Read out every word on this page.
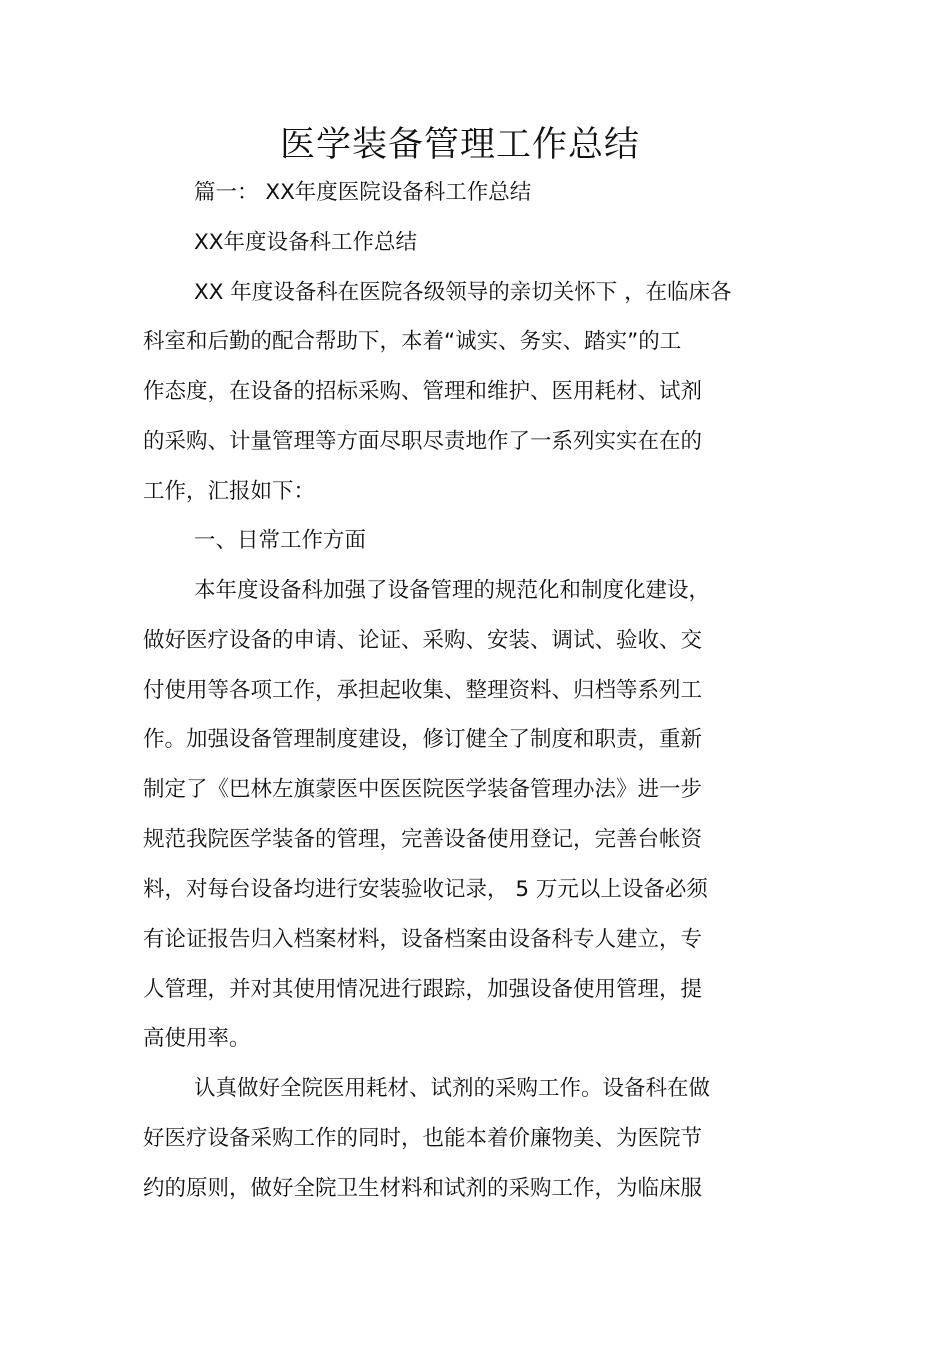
医学装备管理工作总结
篇一： XX年度医院设备科工作总结
XX年度设备科工作总结
XX 年度设备科在医院各级领导的亲切关怀下 ，在临床各
科室和后勤的配合帮助下，本着“诚实、务实、踏实”的工
作态度，在设备的招标采购、管理和维护、医用耗材、试剂
的采购、计量管理等方面尽职尽责地作了一系列实实在在的
工作，汇报如下：
一、日常工作方面
本年度设备科加强了设备管理的规范化和制度化建设，
做好医疗设备的申请、论证、采购、安装、调试、验收、交
付使用等各项工作，承担起收集、整理资料、归档等系列工
作。加强设备管理制度建设，修订健全了制度和职责，重新
制定了《巴林左旗蒙医中医医院医学装备管理办法》进一步
规范我院医学装备的管理，完善设备使用登记，完善台帐资
料，对每台设备均进行安装验收记录， 5 万元以上设备必须
有论证报告归入档案材料，设备档案由设备科专人建立，专
人管理，并对其使用情况进行跟踪，加强设备使用管理，提
高使用率。
认真做好全院医用耗材、试剂的采购工作。设备科在做
好医疗设备采购工作的同时，也能本着价廉物美、为医院节
约的原则，做好全院卫生材料和试剂的采购工作，为临床服
